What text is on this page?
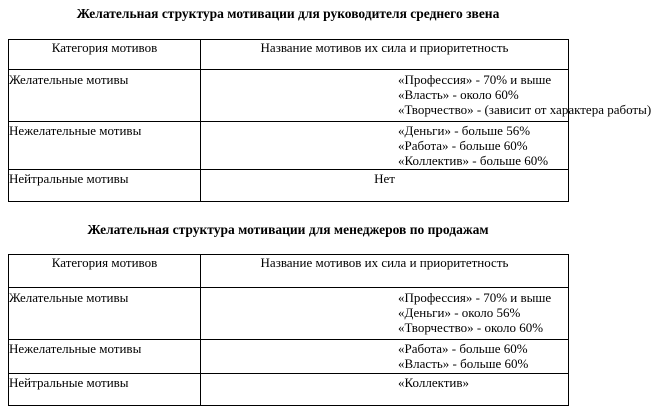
Желательная структура мотивации для руководителя среднего звена
Категория мотивов	Название мотивов их сила и приоритетность
Желательные мотивы	«Профессия» - 70% и выше
«Власть» - около 60%
«Творчество» - (зависит от характера работы)

Нежелательные мотивы	«Деньги» - больше 56%
«Работа» - больше 60%
«Коллектив» - больше 60%

Нейтральные мотивы	Нет
Желательная структура мотивации для менеджеров по продажам
Категория мотивов	Название мотивов их сила и приоритетность
Желательные мотивы	«Профессия» - 70% и выше
«Деньги» - около 56%
«Творчество» - около 60%

Нежелательные мотивы	«Работа» - больше 60%
«Власть» - больше 60%

Нейтральные мотивы	«Коллектив»
